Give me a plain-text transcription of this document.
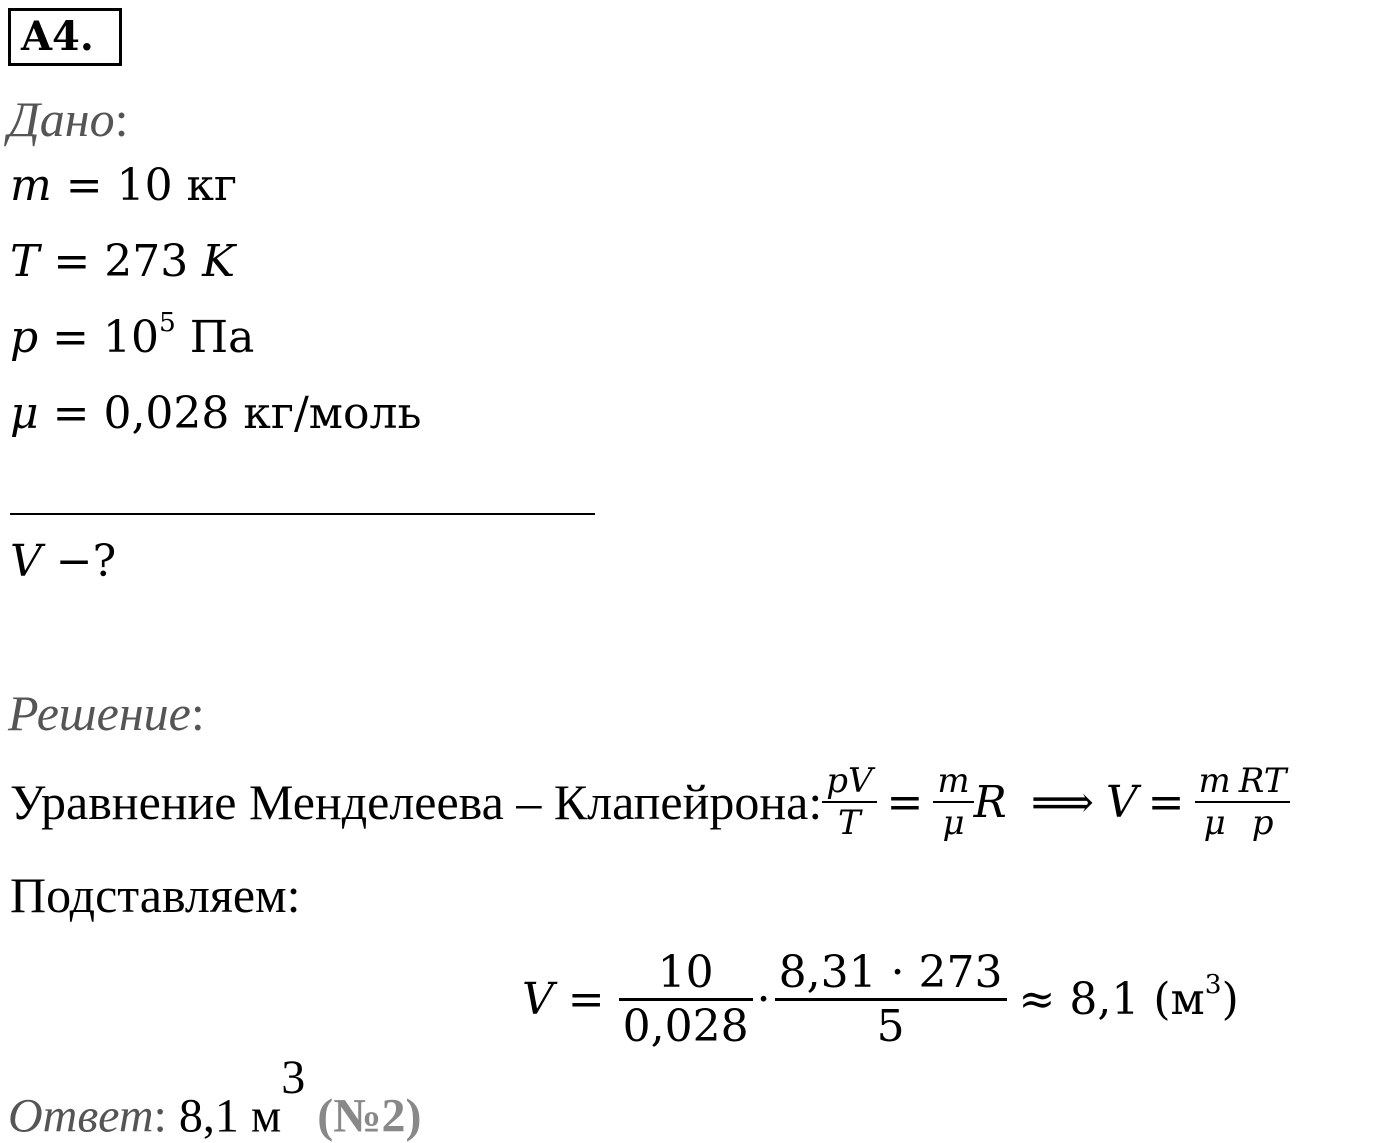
A4.
Дано:
m = 10 кг
T = 273 K
$p = 10^5$ Па
μ = 0,028 кг/моль
V −?
Решение:
Уравнение Менделеева – Клапейрона: $\frac{pV}{T} = \frac{m}{\mu}$ R ⟹ $V = \frac{m}{\mu} \frac{RT}{p}$
Подставляем:
$V = \frac{10}{0,028} \cdot \frac{8,31 \cdot 273}{5} \approx 8,1$ $(м^3)$
Ответ: 8,1 $м^3$ (№2)
